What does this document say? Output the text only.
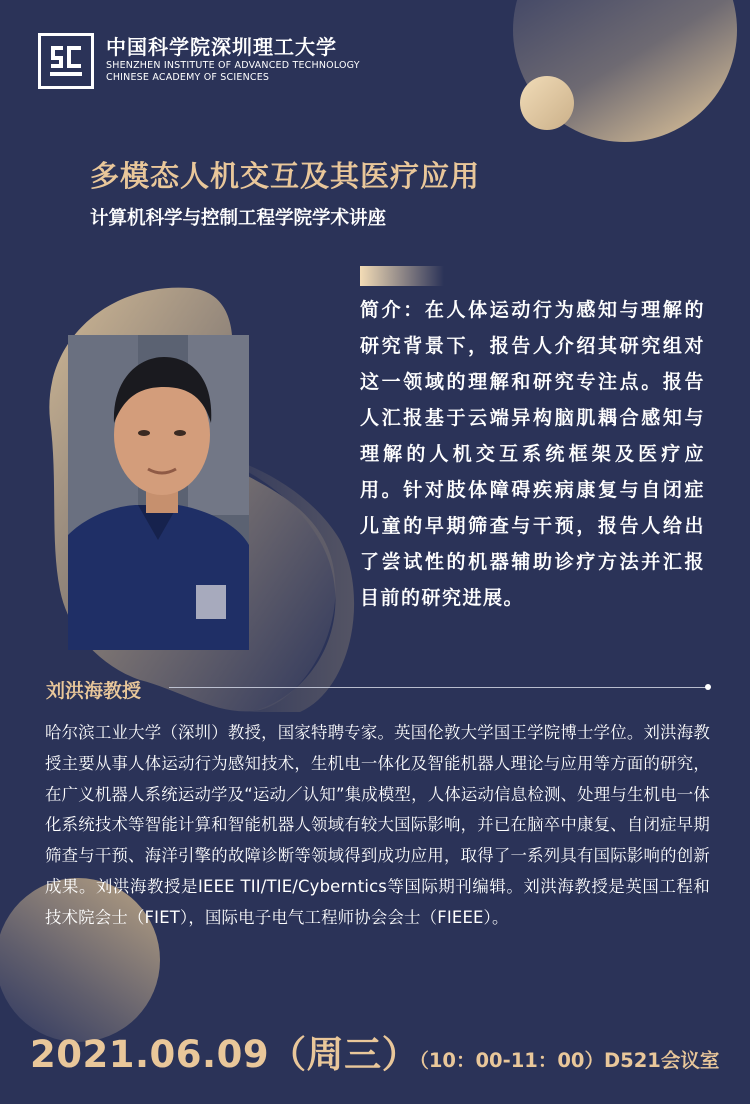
中国科学院深圳理工大学
SHENZHEN INSTITUTE OF ADVANCED TECHNOLOGY
CHINESE ACADEMY OF SCIENCES
多模态人机交互及其医疗应用
计算机科学与控制工程学院学术讲座
简介：在人体运动行为感知与理解的研究背景下，报告人介绍其研究组对这一领域的理解和研究专注点。报告人汇报基于云端异构脑肌耦合感知与理解的人机交互系统框架及医疗应用。针对肢体障碍疾病康复与自闭症儿童的早期筛查与干预，报告人给出了尝试性的机器辅助诊疗方法并汇报目前的研究进展。
刘洪海教授
哈尔滨工业大学（深圳）教授，国家特聘专家。英国伦敦大学国王学院博士学位。刘洪海教授主要从事人体运动行为感知技术，生机电一体化及智能机器人理论与应用等方面的研究，在广义机器人系统运动学及“运动／认知”集成模型，人体运动信息检测、处理与生机电一体化系统技术等智能计算和智能机器人领域有较大国际影响，并已在脑卒中康复、自闭症早期筛查与干预、海洋引擎的故障诊断等领域得到成功应用，取得了一系列具有国际影响的创新成果。刘洪海教授是IEEE TII/TIE/Cyberntics等国际期刊编辑。刘洪海教授是英国工程和技术院会士（FIET），国际电子电气工程师协会会士（FIEEE）。
2021.06.09（周三）（10：00-11：00）D521会议室
